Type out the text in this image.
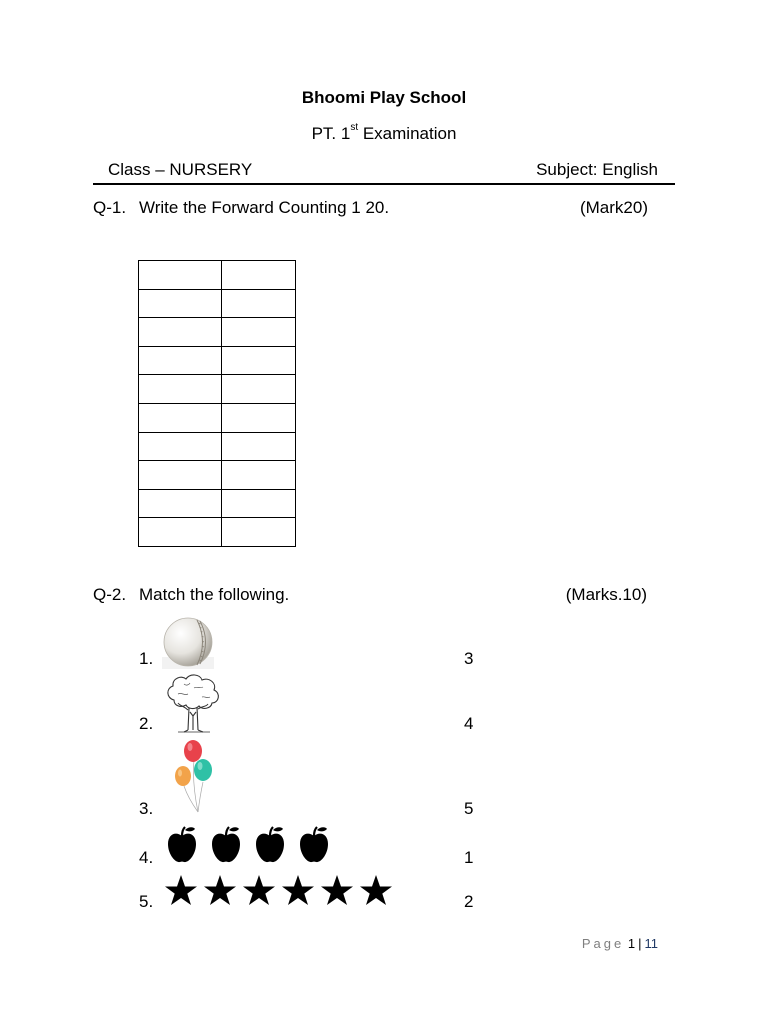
Bhoomi Play School
PT. 1st Examination
Class – NURSERY	Subject: English
Q-1. Write the Forward Counting 1 20.	(Mark20)

Q-2. Match the following.	(Marks.10)
1.	3
2.	4
3.	5
4.	1
5.	2
Page 1 | 11
